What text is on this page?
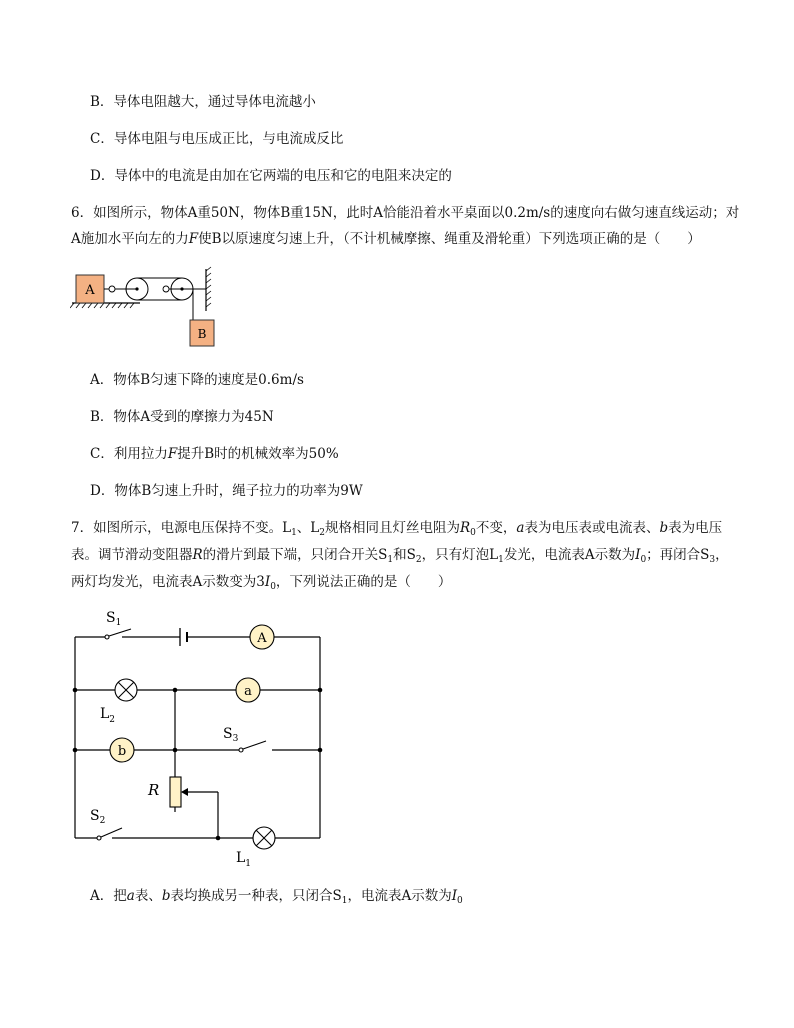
B．导体电阻越大，通过导体电流越小
C．导体电阻与电压成正比，与电流成反比
D．导体中的电流是由加在它两端的电压和它的电阻来决定的
6．如图所示，物体A重50N，物体B重15N，此时A恰能沿着水平桌面以0.2m/s的速度向右做匀速直线运动；对
A施加水平向左的力F使B以原速度匀速上升，（不计机械摩擦、绳重及滑轮重）下列选项正确的是（　　）
A
B
A．物体B匀速下降的速度是0.6m/s
B．物体A受到的摩擦力为45N
C．利用拉力F提升B时的机械效率为50%
D．物体B匀速上升时，绳子拉力的功率为9W
7．如图所示，电源电压保持不变。$L_1$、$L_2$规格相同且灯丝电阻为$R_0$不变，a表为电压表或电流表、b表为电压
表。调节滑动变阻器R的滑片到最下端，只闭合开关$S_1$和$S_2$，只有灯泡$L_1$发光，电流表A示数为$I_0$；再闭合$S_3$，
两灯均发光，电流表A示数变为$3I_0$，下列说法正确的是（　　）
$S_1$
A
$L_2$
a
b
$S_3$
R
$S_2$
$L_1$
A．把a表、b表均换成另一种表，只闭合$S_1$，电流表A示数为$I_0$
